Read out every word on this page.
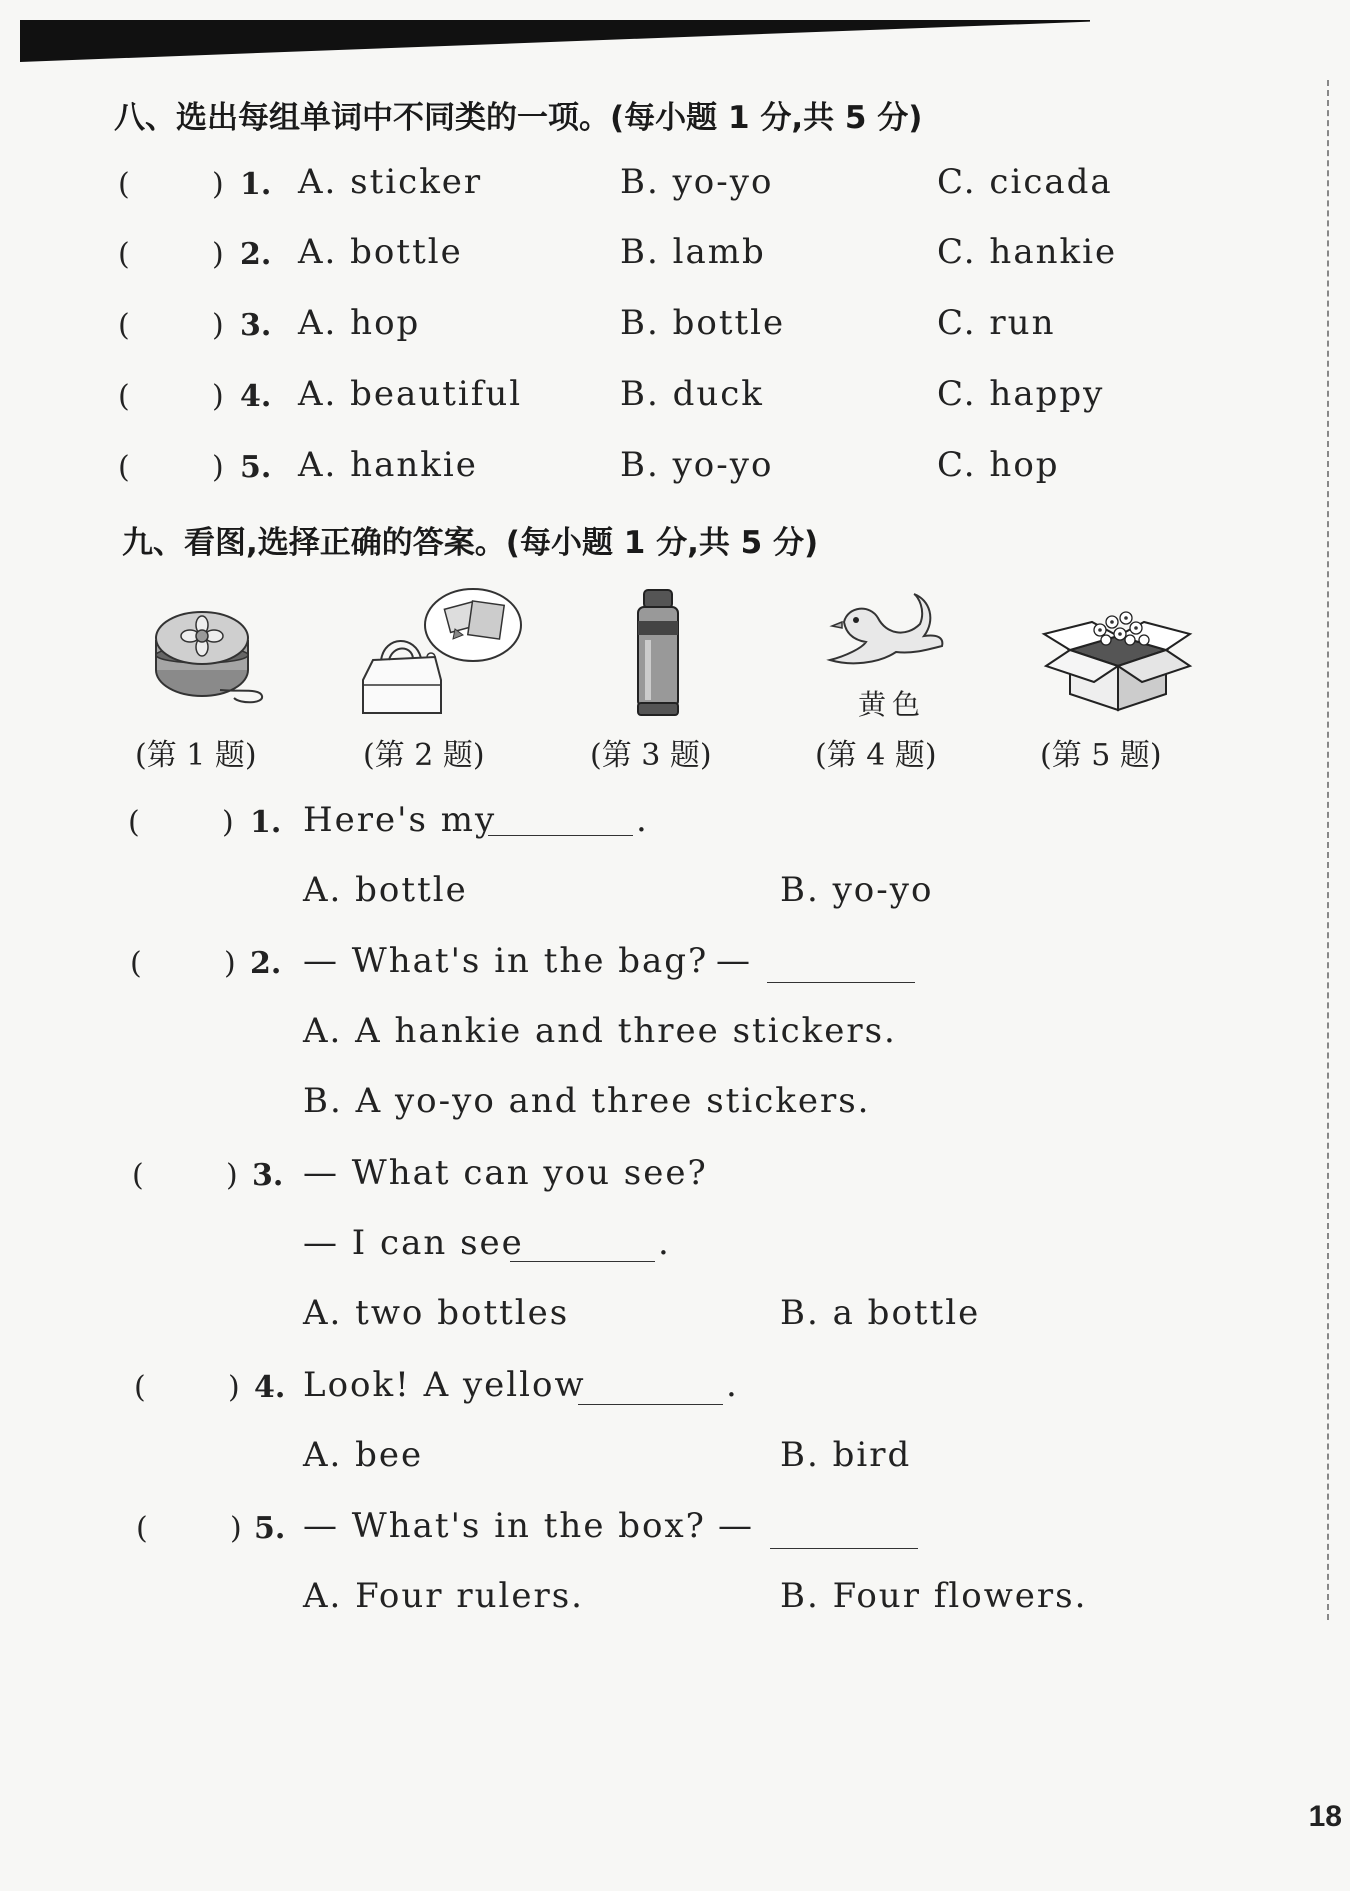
八、选出每组单词中不同类的一项。(每小题 1 分,共 5 分)
(	) 1. A. sticker	B. yo-yo	C. cicada
(	) 2. A. bottle	B. lamb	C. hankie
(	) 3. A. hop	B. bottle	C. run
(	) 4. A. beautiful	B. duck	C. happy
(	) 5. A. hankie	B. yo-yo	C. hop
九、看图,选择正确的答案。(每小题 1 分,共 5 分)
黄色
(第 1 题)	(第 2 题)	(第 3 题)	(第 4 题)	(第 5 题)
(	) 1. Here's my	.
A. bottle	B. yo-yo
(	) 2. — What's in the bag? —
A. A hankie and three stickers.
B. A yo-yo and three stickers.
(	) 3. — What can you see?
— I can see	.
A. two bottles	B. a bottle
(	) 4. Look! A yellow	.
A. bee	B. bird
(	) 5. — What's in the box? —
A. Four rulers.	B. Four flowers.
18
